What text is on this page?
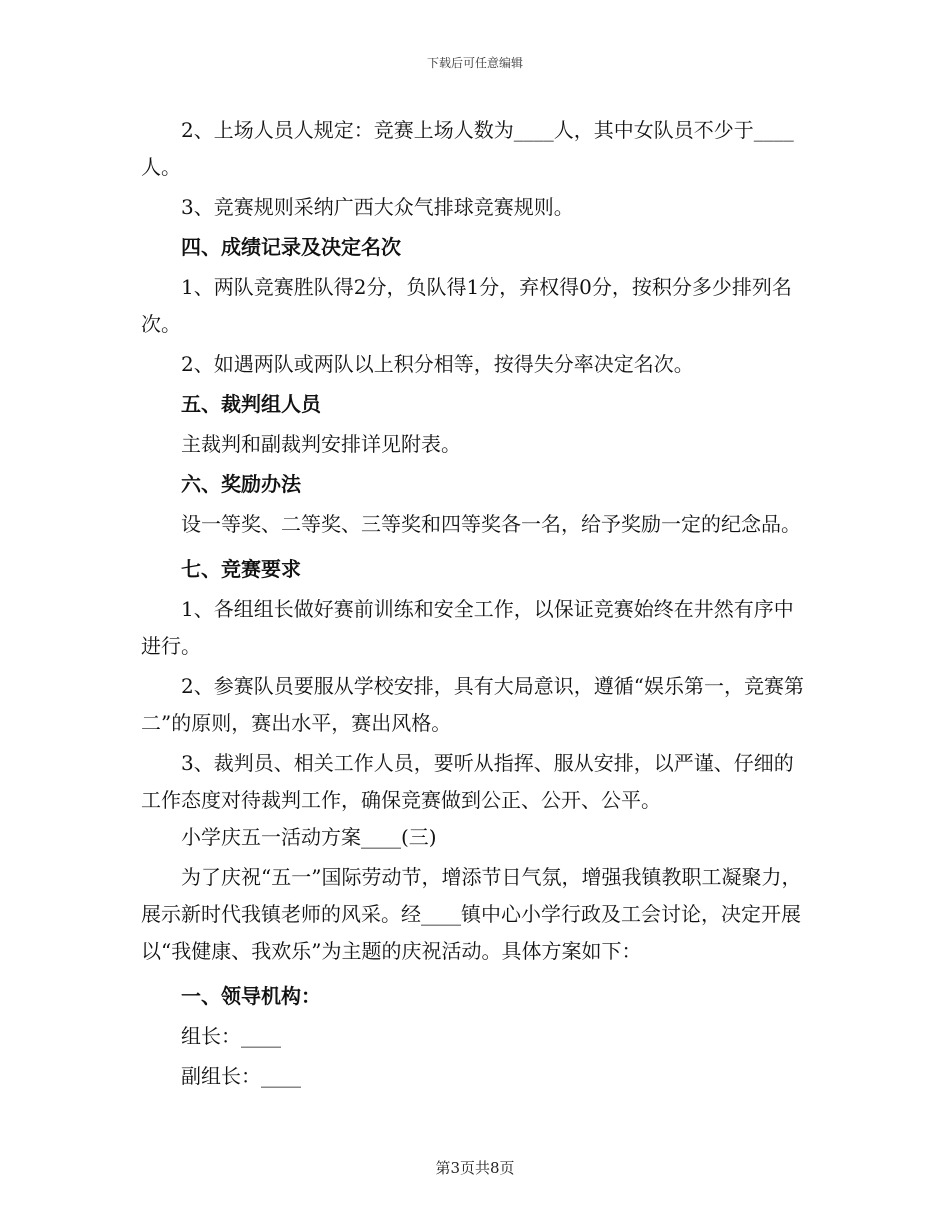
下载后可任意编辑

2、上场人员人规定：竞赛上场人数为____人，其中女队员不少于____人。

3、竞赛规则采纳广西大众气排球竞赛规则。

四、成绩记录及决定名次

1、两队竞赛胜队得2分，负队得1分，弃权得0分，按积分多少排列名次。

2、如遇两队或两队以上积分相等，按得失分率决定名次。

五、裁判组人员

主裁判和副裁判安排详见附表。

六、奖励办法

设一等奖、二等奖、三等奖和四等奖各一名，给予奖励一定的纪念品。

七、竞赛要求

1、各组组长做好赛前训练和安全工作，以保证竞赛始终在井然有序中进行。

2、参赛队员要服从学校安排，具有大局意识，遵循“娱乐第一，竞赛第二”的原则，赛出水平，赛出风格。

3、裁判员、相关工作人员，要听从指挥、服从安排，以严谨、仔细的工作态度对待裁判工作，确保竞赛做到公正、公开、公平。

小学庆五一活动方案____(三)

为了庆祝“五一”国际劳动节，增添节日气氛，增强我镇教职工凝聚力，展示新时代我镇老师的风采。经____镇中心小学行政及工会讨论，决定开展以“我健康、我欢乐”为主题的庆祝活动。具体方案如下：

一、领导机构：

组长：____

副组长：____

第3页共8页
